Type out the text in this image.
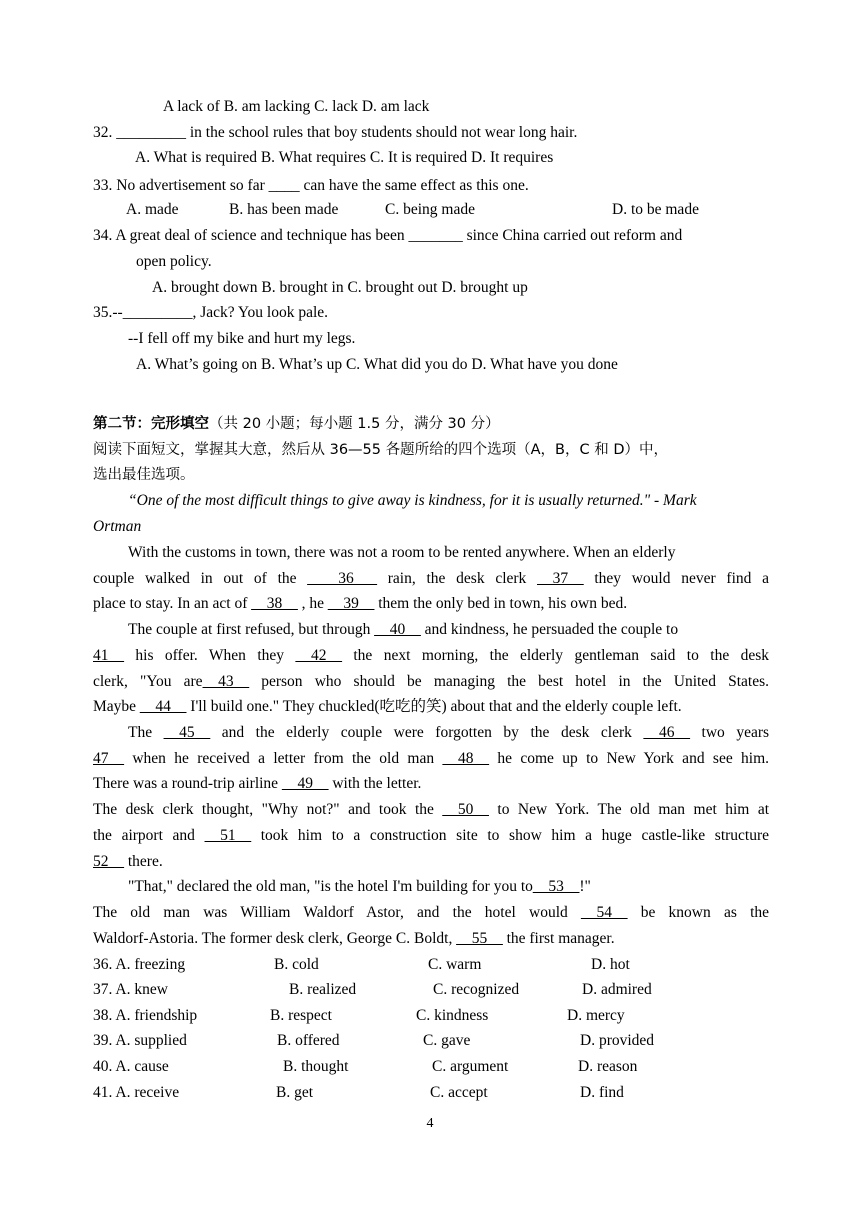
A lack of B. am lacking C. lack D. am lack
32. _________ in the school rules that boy students should not wear long hair.
A. What is required B. What requires C. It is required D. It requires
33. No advertisement so far ____ can have the same effect as this one.
A. made	B. has been made	C. being made	D. to be made
34. A great deal of science and technique has been _______ since China carried out reform and
open policy.
A. brought down B. brought in C. brought out D. brought up
35.--_________, Jack? You look pale.
--I fell off my bike and hurt my legs.
A. What’s going on B. What’s up C. What did you do D. What have you done
第二节：完形填空（共 20 小题；每小题 1.5 分，满分 30 分）
阅读下面短文，掌握其大意，然后从 36—55 各题所给的四个选项（A，B，C 和 D）中，
选出最佳选项。
“One of the most difficult things to give away is kindness, for it is usually returned." - Mark
Ortman
With the customs in town, there was not a room to be rented anywhere. When an elderly
couple walked in out of the ____36___ rain, the desk clerk __37__ they would never find a
place to stay. In an act of __38__ , he __39__ them the only bed in town, his own bed.
The couple at first refused, but through __40__ and kindness, he persuaded the couple to
41__ his offer. When they __42__ the next morning, the elderly gentleman said to the desk
clerk, "You are__43__ person who should be managing the best hotel in the United States.
Maybe __44__ I'll build one." They chuckled(吃吃的笑) about that and the elderly couple left.
The __45__ and the elderly couple were forgotten by the desk clerk __46__ two years
47__ when he received a letter from the old man __48__ he come up to New York and see him.
There was a round-trip airline __49__ with the letter.
The desk clerk thought, "Why not?" and took the __50__ to New York. The old man met him at
the airport and __51__ took him to a construction site to show him a huge castle-like structure
52__ there.
"That," declared the old man, "is the hotel I'm building for you to__53__!"
The old man was William Waldorf Astor, and the hotel would __54__ be known as the
Waldorf-Astoria. The former desk clerk, George C. Boldt, __55__ the first manager.
36. A. freezing	B. cold	C. warm	D. hot
37. A. knew	B. realized	C. recognized	D. admired
38. A. friendship	B. respect	C. kindness	D. mercy
39. A. supplied	B. offered	C. gave	D. provided
40. A. cause	B. thought	C. argument	D. reason
41. A. receive	B. get	C. accept	D. find
4
